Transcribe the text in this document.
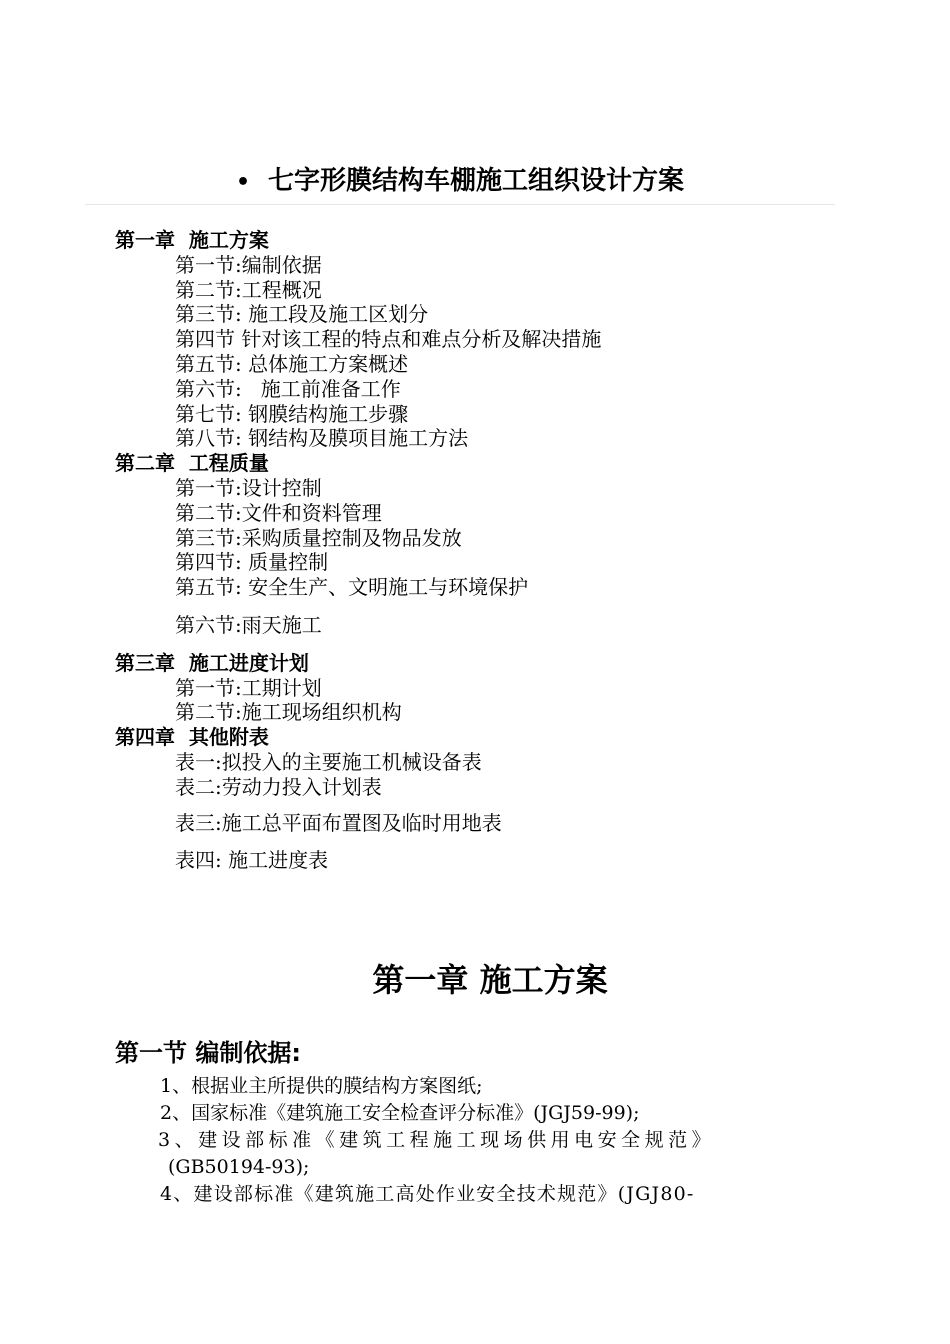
• 七字形膜结构车棚施工组织设计方案
第一章  施工方案
第一节:编制依据
第二节:工程概况
第三节: 施工段及施工区划分
第四节 针对该工程的特点和难点分析及解决措施
第五节: 总体施工方案概述
第六节:   施工前准备工作
第七节: 钢膜结构施工步骤
第八节: 钢结构及膜项目施工方法
第二章  工程质量
第一节:设计控制
第二节:文件和资料管理
第三节:采购质量控制及物品发放
第四节: 质量控制
第五节: 安全生产、文明施工与环境保护
第六节:雨天施工
第三章  施工进度计划
第一节:工期计划
第二节:施工现场组织机构
第四章  其他附表
表一:拟投入的主要施工机械设备表
表二:劳动力投入计划表
表三:施工总平面布置图及临时用地表
表四: 施工进度表
第一章 施工方案
第一节 编制依据:
1、根据业主所提供的膜结构方案图纸;
2、国家标准《建筑施工安全检查评分标准》(JGJ59-99);
3、建设部标准《建筑工程施工现场供用电安全规范》
(GB50194-93);
4、建设部标准《建筑施工高处作业安全技术规范》(JGJ80-
